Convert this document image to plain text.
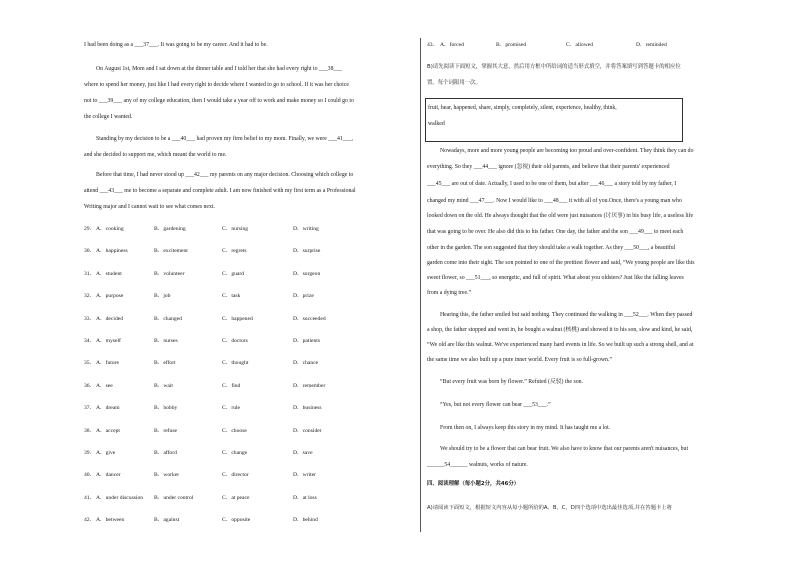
I had been doing as a ___37___. It was going to be my career. And it had to be.
On August 1st, Mom and I sat down at the dinner table and I told her that she had every right to ___38___
where to spend her money, just like I had every right to decide where I wanted to go to school. If it was her choice
not to ___39___ any of my college education, then I would take a year off to work and make money so I could go to
the college I wanted.
Standing by my decision to be a ___40___ had proven my firm belief to my mom. Finally, we were ___41___,
and she decided to support me, which meant the world to me.
Before that time, I had never stood up ___42___ my parents on any major decision. Choosing which college to
attend ___43___ me to become a separate and complete adult. I am now finished with my first term as a Professional
Writing major and I cannot wait to see what comes next.
29． A．cooking	B．gardening	C．nursing	D．writing
30． A．happiness	B．excitement	C．regrets	D．surprise
31． A．student	B．volunteer	C．guard	D．surgeon
32． A．purpose	B．job	C．task	D．prize
33． A．decided	B．changed	C．happened	D．succeeded
34． A．myself	B．nurses	C．doctors	D．patients
35． A．future	B．effort	C．thought	D．chance
36． A．see	B．wait	C．find	D．remember
37． A．dream	B．hobby	C．rule	D．business
38． A．accept	B．refuse	C．choose	D．consider
39． A．give	B．afford	C．change	D．save
40． A．dancer	B．worker	C．director	D．writer
41． A．under discussion B．under control	C．at peace	D．at loss
42． A．between	B．against	C．opposite	D．behind
43． A．forced	B．promised	C．allowed	D．reminded
B)请先阅读下面短文，掌握其大意，然后用方框中所给词的适当形式填空，并将答案填写到答题卡的相应位
置。每个词限用一次。
fruit, hear, happened, share, simply, completely, silent, experience, healthy, think,
walked
Nowadays, more and more young people are becoming too proud and over-confident. They think they can do
everything. So they ___44___ ignore (忽视) their old parents, and believe that their parents' experienced
___45___ are out of date. Actually, I used to be one of them, but after ___46___ a story told by my father, I
changed my mind ___47___. Now I would like to ___48___ it with all of you.Once, there's a young man who
looked down on the old. He always thought that the old were just nuisances (讨厌事) in his busy life, a useless life
that was going to be over. He also did this to his father. One day, the father and the son ___49___ to meet each
other in the garden. The son suggested that they should take a walk together. As they ___50___, a beautiful
garden come into their sight. The son pointed to one of the prettiest flower and said, “We young people are like this
sweet flower, so ___51___, so energetic, and full of spirit. What about you oldsters? Just like the falling leaves
from a dying tree.”
Hearing this, the father smiled but said nothing. They continued the walking in ___52___. When they passed
a shop, the father stopped and went in, he bought a walnut (核桃) and showed it to his son, slow and kind, he said,
“We old are like this walnut. We've experienced many hard events in life. So we built up such a strong shell, and at
the same time we also built up a pure inner world. Every fruit is so full-grown.”
“But every fruit was born by flower.” Refuted (反驳) the son.
“Yes, but not every flower can bear ___53___.”
From then on, I always keep this story in my mind. It has taught me a lot.
We should try to be a flower that can bear fruit. We also have to know that our parents aren't nuisances, but
______54______ walnuts, works of nature.
四、阅读理解（每小题2分，共46分）
A)请阅读下面短文，根据短文内容从每小题所给的A、B、C、D四个选项中选出最佳选项,并在答题卡上将
